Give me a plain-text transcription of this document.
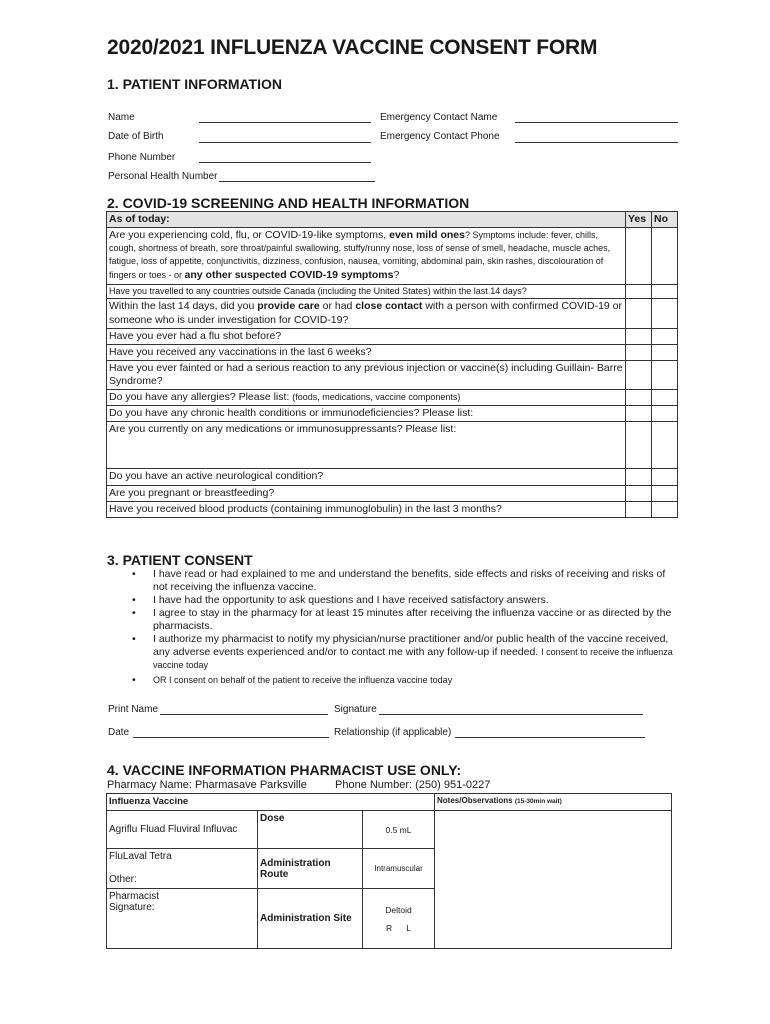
2020/2021 INFLUENZA VACCINE CONSENT FORM
1. PATIENT INFORMATION
Name
Date of Birth
Phone Number
Personal Health Number
Emergency Contact Name
Emergency Contact Phone
2. COVID-19 SCREENING AND HEALTH INFORMATION
As of today:	Yes	No
Are you experiencing cold, flu, or COVID-19-like symptoms, even mild ones? Symptoms include: fever, chills, cough, shortness of breath, sore throat/painful swallowing, stuffy/runny nose, loss of sense of smell, headache, muscle aches, fatigue, loss of appetite, conjunctivitis, dizziness, confusion, nausea, vomiting, abdominal pain, skin rashes, discolouration of fingers or toes - or any other suspected COVID-19 symptoms?		
Have you travelled to any countries outside Canada (including the United States) within the last 14 days?		
Within the last 14 days, did you provide care or had close contact with a person with confirmed COVID-19 or someone who is under investigation for COVID-19?		
Have you ever had a flu shot before?		
Have you received any vaccinations in the last 6 weeks?		
Have you ever fainted or had a serious reaction to any previous injection or vaccine(s) including Guillain- Barre Syndrome?		
Do you have any allergies? Please list: (foods, medications, vaccine components)		
Do you have any chronic health conditions or immunodeficiencies? Please list:		
Are you currently on any medications or immunosuppressants? Please list:		
Do you have an active neurological condition?		
Are you pregnant or breastfeeding?		
Have you received blood products (containing immunoglobulin) in the last 3 months?		
3. PATIENT CONSENT
• I have read or had explained to me and understand the benefits, side effects and risks of receiving and risks of not receiving the influenza vaccine.
• I have had the opportunity to ask questions and I have received satisfactory answers.
• I agree to stay in the pharmacy for at least 15 minutes after receiving the influenza vaccine or as directed by the pharmacists.
• I authorize my pharmacist to notify my physician/nurse practitioner and/or public health of the vaccine received, any adverse events experienced and/or to contact me with any follow-up if needed. I consent to receive the influenza vaccine today
• OR I consent on behalf of the patient to receive the influenza vaccine today
Print Name	Signature
Date	Relationship (if applicable)
4. VACCINE INFORMATION PHARMACIST USE ONLY:
Pharmacy Name: Pharmasave Parksville	Phone Number: (250) 951-0227
Influenza Vaccine			Notes/Observations (15-30min wait)
Agriflu Fluad Fluviral Influvac	Dose	0.5 mL	

FluLaval Tetra
Other:	Administration Route	Intramuscular	

Pharmacist Signature:	Administration Site	Deltoid
R      L	
